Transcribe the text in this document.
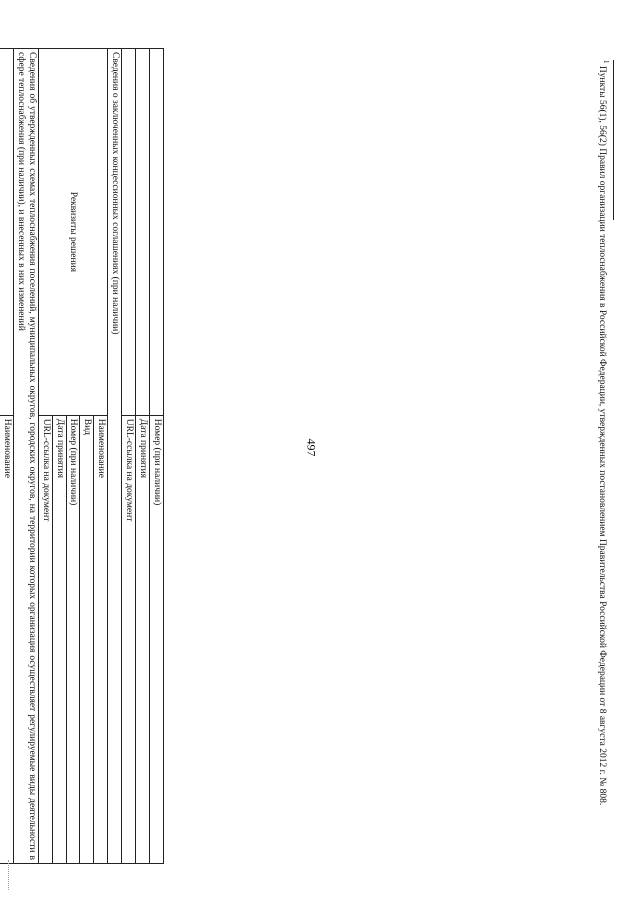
497
$^1$ Пункты 56(1), 56(2) Правил организации теплоснабжения в Российской Федерации, утвержденных постановлением Правительства Российской Федерации от 8 августа 2012 г. № 808.
	Номер (при наличии)
	Дата принятия
	URL-ссылка на документ
Сведения о заключенных концессионных соглашениях (при наличии)	
Реквизиты решения	Наименование
	Вид
	Номер (при наличии)
	Дата принятия
	URL-ссылка на документ
Сведения об утвержденных схемах теплоснабжения поселений, муниципальных округов, городских округов, на территории которых организация осуществляет регулируемые виды деятельности в сфере теплоснабжения (при наличии), и внесенных в них изменений	
	Наименование
